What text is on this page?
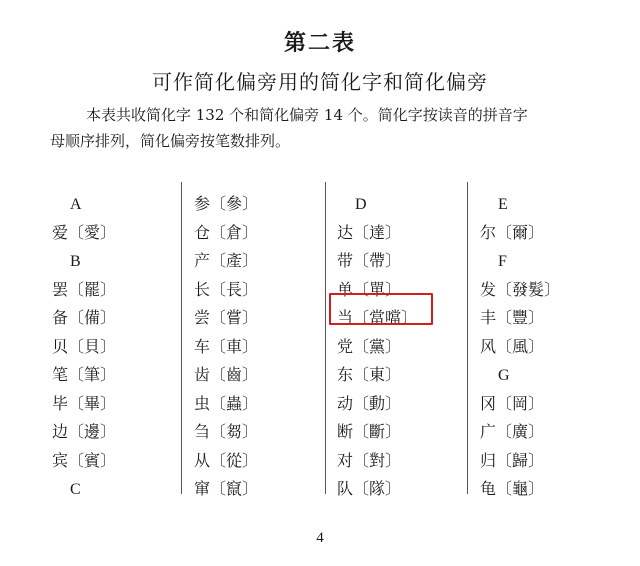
第二表
可作简化偏旁用的简化字和简化偏旁
本表共收简化字 132 个和简化偏旁 14 个。简化字按读音的拼音字
母顺序排列，简化偏旁按笔数排列。
A
爱〔愛〕
B
罢〔罷〕
备〔備〕
贝〔貝〕
笔〔筆〕
毕〔畢〕
边〔邊〕
宾〔賓〕
C
参〔參〕
仓〔倉〕
产〔產〕
长〔長〕
尝〔嘗〕
车〔車〕
齿〔齒〕
虫〔蟲〕
刍〔芻〕
从〔從〕
窜〔竄〕
D
达〔達〕
带〔帶〕
单〔單〕
当〔當噹〕
党〔黨〕
东〔東〕
动〔動〕
断〔斷〕
对〔對〕
队〔隊〕
E
尔〔爾〕
F
发〔發髮〕
丰〔豐〕
风〔風〕
G
冈〔岡〕
广〔廣〕
归〔歸〕
龟〔龜〕
4
